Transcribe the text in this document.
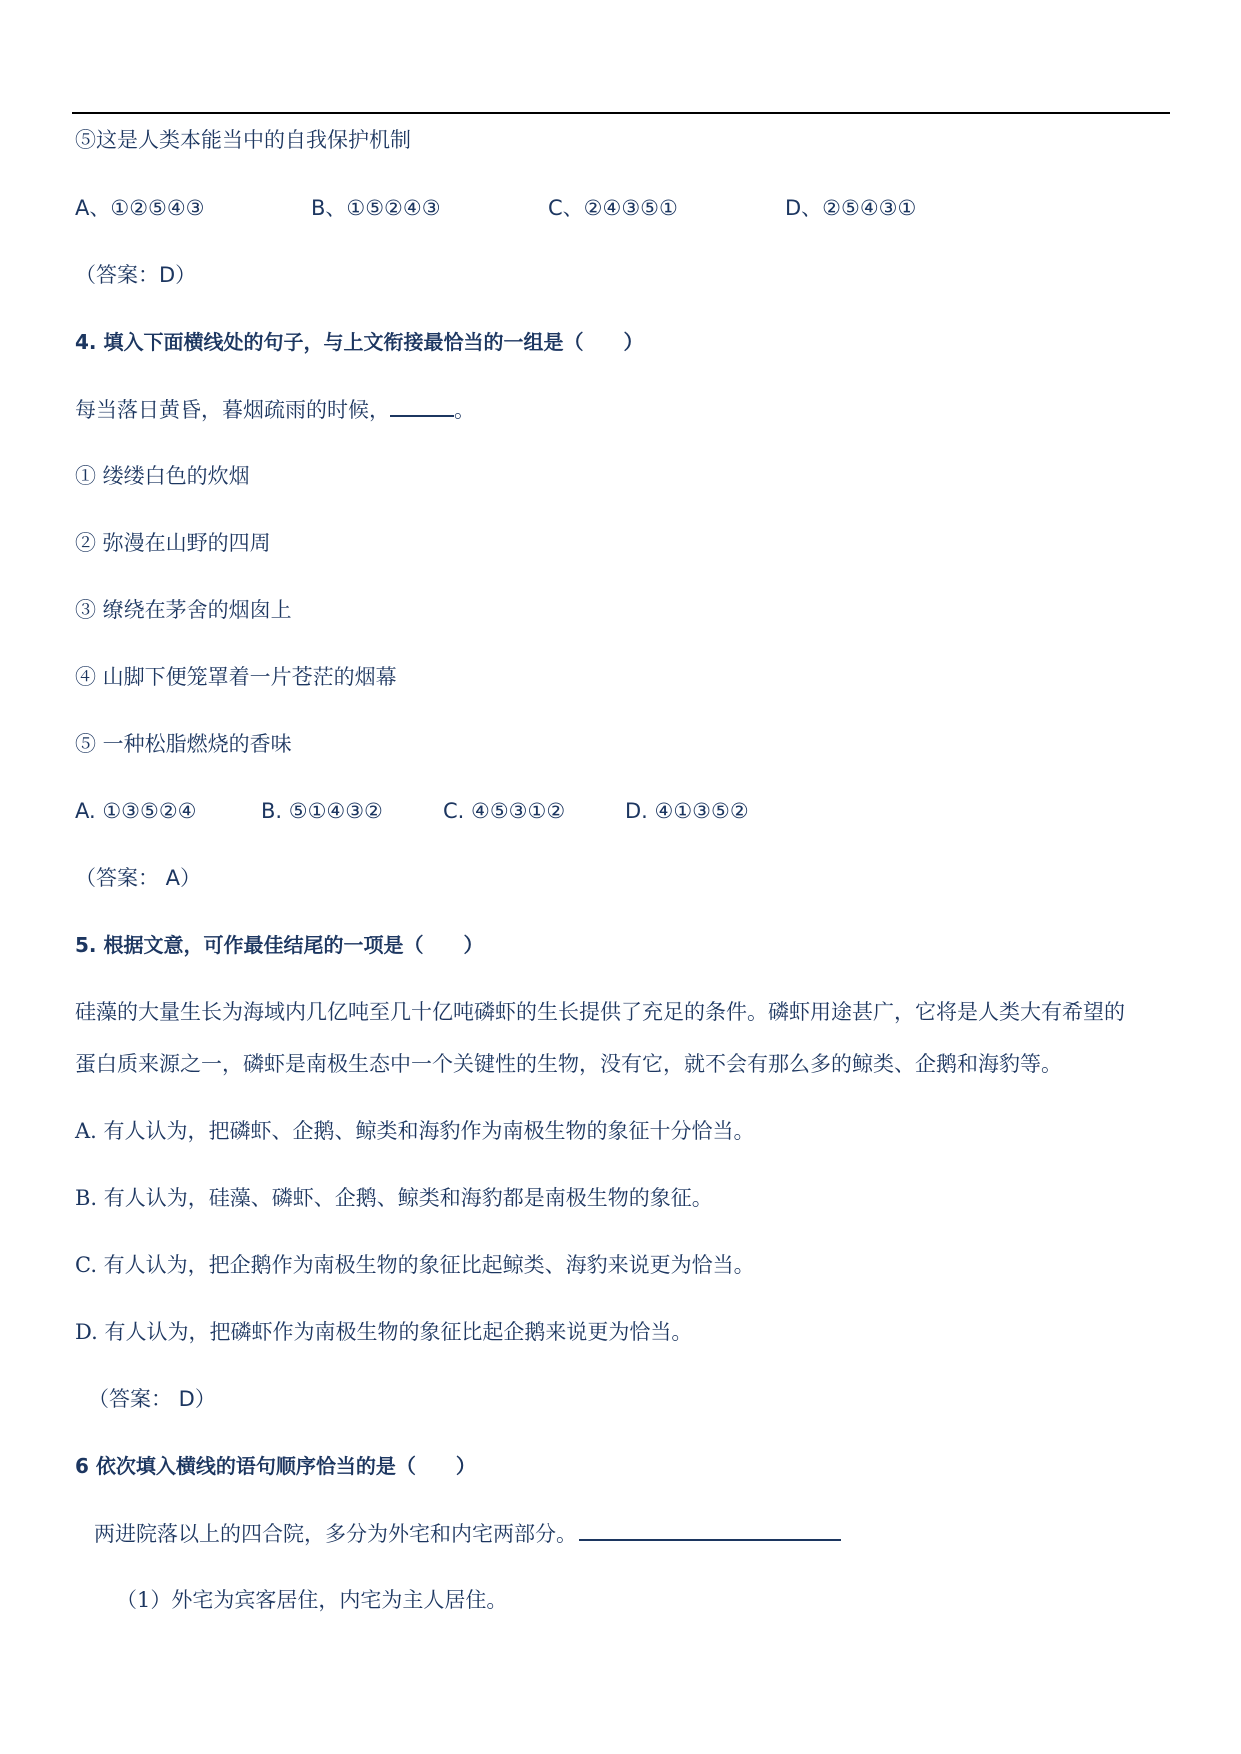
⑤这是人类本能当中的自我保护机制
A、①②⑤④③	B、①⑤②④③	C、②④③⑤①	D、②⑤④③①
（答案：D）
4. 填入下面横线处的句子，与上文衔接最恰当的一组是（　　）
每当落日黄昏，暮烟疏雨的时候，	。
① 缕缕白色的炊烟
② 弥漫在山野的四周
③ 缭绕在茅舍的烟囱上
④ 山脚下便笼罩着一片苍茫的烟幕
⑤ 一种松脂燃烧的香味
A. ①③⑤②④	B. ⑤①④③②	C. ④⑤③①②	D. ④①③⑤②
（答案： A）
5. 根据文意，可作最佳结尾的一项是（　　）
硅藻的大量生长为海域内几亿吨至几十亿吨磷虾的生长提供了充足的条件。磷虾用途甚广，它将是人类大有希望的
蛋白质来源之一，磷虾是南极生态中一个关键性的生物，没有它，就不会有那么多的鲸类、企鹅和海豹等。
A. 有人认为，把磷虾、企鹅、鲸类和海豹作为南极生物的象征十分恰当。
B. 有人认为，硅藻、磷虾、企鹅、鲸类和海豹都是南极生物的象征。
C. 有人认为，把企鹅作为南极生物的象征比起鲸类、海豹来说更为恰当。
D. 有人认为，把磷虾作为南极生物的象征比起企鹅来说更为恰当。
（答案： D）
6 依次填入横线的语句顺序恰当的是（　　）
两进院落以上的四合院，多分为外宅和内宅两部分。
（1）外宅为宾客居住，内宅为主人居住。
